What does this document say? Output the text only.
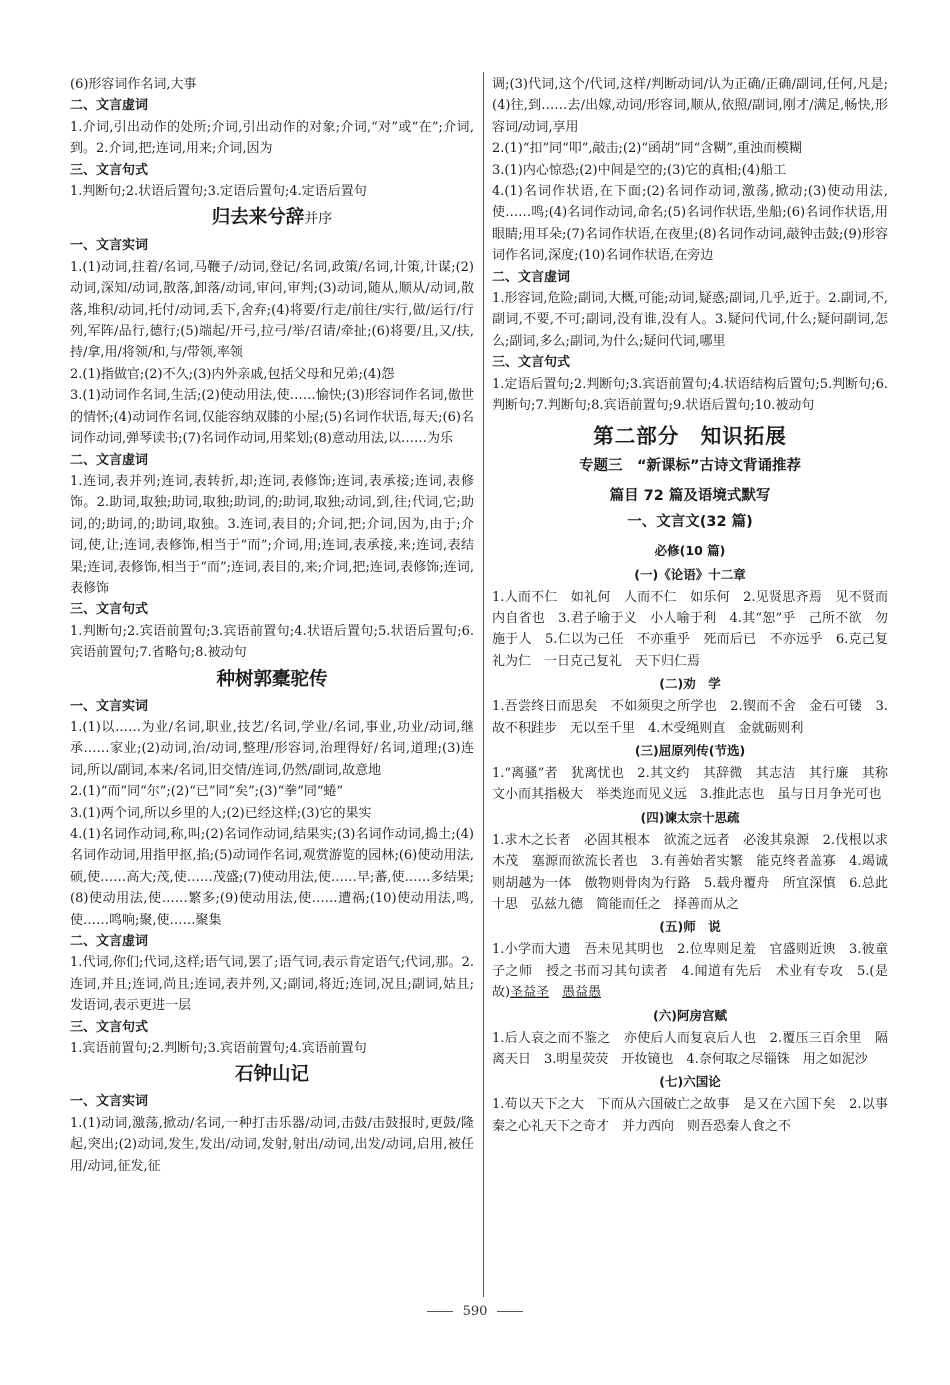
(6)形容词作名词,大事

二、文言虚词

1.介词,引出动作的处所;介词,引出动作的对象;介词,“对”或“在”;介词,到。2.介词,把;连词,用来;介词,因为

三、文言句式

1.判断句;2.状语后置句;3.定语后置句;4.定语后置句

归去来兮辞并序

一、文言实词

1.(1)动词,拄着/名词,马鞭子/动词,登记/名词,政策/名词,计策,计谋;(2)动词,深知/动词,散落,卸落/动词,审问,审判;(3)动词,随从,顺从/动词,散落,堆积/动词,托付/动词,丢下,舍弃;(4)将要/行走/前往/实行,做/运行/行列,军阵/品行,德行;(5)端起/开弓,拉弓/举/召请/牵扯;(6)将要/且,又/扶,持/拿,用/将领/和,与/带领,率领

2.(1)指做官;(2)不久;(3)内外亲戚,包括父母和兄弟;(4)怨

3.(1)动词作名词,生活;(2)使动用法,使……愉快;(3)形容词作名词,傲世的情怀;(4)动词作名词,仅能容纳双膝的小屋;(5)名词作状语,每天;(6)名词作动词,弹琴读书;(7)名词作动词,用桨划;(8)意动用法,以……为乐

二、文言虚词

1.连词,表并列;连词,表转折,却;连词,表修饰;连词,表承接;连词,表修饰。2.助词,取独;助词,取独;助词,的;助词,取独;动词,到,往;代词,它;助词,的;助词,的;助词,取独。3.连词,表目的;介词,把;介词,因为,由于;介词,使,让;连词,表修饰,相当于“而”;介词,用;连词,表承接,来;连词,表结果;连词,表修饰,相当于“而”;连词,表目的,来;介词,把;连词,表修饰;连词,表修饰

三、文言句式

1.判断句;2.宾语前置句;3.宾语前置句;4.状语后置句;5.状语后置句;6.宾语前置句;7.省略句;8.被动句

种树郭橐驼传

一、文言实词

1.(1)以……为业/名词,职业,技艺/名词,学业/名词,事业,功业/动词,继承……家业;(2)动词,治/动词,整理/形容词,治理得好/名词,道理;(3)连词,所以/副词,本来/名词,旧交情/连词,仍然/副词,故意地

2.(1)“而”同“尔”;(2)“已”同“矣”;(3)“拳”同“蜷”

3.(1)两个词,所以乡里的人;(2)已经这样;(3)它的果实

4.(1)名词作动词,称,叫;(2)名词作动词,结果实;(3)名词作动词,捣土;(4)名词作动词,用指甲抠,掐;(5)动词作名词,观赏游览的园林;(6)使动用法,硕,使……高大;茂,使……茂盛;(7)使动用法,使……早;蕃,使……多结果;(8)使动用法,使……繁多;(9)使动用法,使……遭祸;(10)使动用法,鸣,使……鸣响;聚,使……聚集

二、文言虚词

1.代词,你们;代词,这样;语气词,罢了;语气词,表示肯定语气;代词,那。2.连词,并且;连词,尚且;连词,表并列,又;副词,将近;连词,况且;副词,姑且;发语词,表示更进一层

三、文言句式

1.宾语前置句;2.判断句;3.宾语前置句;4.宾语前置句

石钟山记

一、文言实词

1.(1)动词,激荡,掀动/名词,一种打击乐器/动词,击鼓/击鼓报时,更鼓/隆起,突出;(2)动词,发生,发出/动词,发射,射出/动词,出发/动词,启用,被任用/动词,征发,征

调;(3)代词,这个/代词,这样/判断动词/认为正确/正确/副词,任何,凡是;(4)往,到……去/出嫁,动词/形容词,顺从,依照/副词,刚才/满足,畅快,形容词/动词,享用

2.(1)“扣”同“叩”,敲击;(2)“函胡”同“含糊”,重浊而模糊

3.(1)内心惊恐;(2)中间是空的;(3)它的真相;(4)船工

4.(1)名词作状语,在下面;(2)名词作动词,激荡,掀动;(3)使动用法,使……鸣;(4)名词作动词,命名;(5)名词作状语,坐船;(6)名词作状语,用眼睛;用耳朵;(7)名词作状语,在夜里;(8)名词作动词,敲钟击鼓;(9)形容词作名词,深度;(10)名词作状语,在旁边

二、文言虚词

1.形容词,危险;副词,大概,可能;动词,疑惑;副词,几乎,近于。2.副词,不,副词,不要,不可;副词,没有谁,没有人。3.疑问代词,什么;疑问副词,怎么;副词,多么;副词,为什么;疑问代词,哪里

三、文言句式

1.定语后置句;2.判断句;3.宾语前置句;4.状语结构后置句;5.判断句;6.判断句;7.判断句;8.宾语前置句;9.状语后置句;10.被动句

第二部分　知识拓展

专题三　“新课标”古诗文背诵推荐

篇目 72 篇及语境式默写

一、文言文(32 篇)

必修(10 篇)

(一)《论语》十二章

1.人而不仁　如礼何　人而不仁　如乐何　2.见贤思齐焉　见不贤而内自省也　3.君子喻于义　小人喻于利　4.其“恕”乎　己所不欲　勿施于人　5.仁以为己任　不亦重乎　死而后已　不亦远乎　6.克己复礼为仁　一日克己复礼　天下归仁焉

(二)劝　学

1.吾尝终日而思矣　不如须臾之所学也　2.锲而不舍　金石可镂　3.故不积跬步　无以至千里　4.木受绳则直　金就砺则利

(三)屈原列传(节选)

1.“离骚”者　犹离忧也　2.其文约　其辞微　其志洁　其行廉　其称文小而其指极大　举类迩而见义远　3.推此志也　虽与日月争光可也

(四)谏太宗十思疏

1.求木之长者　必固其根本　欲流之远者　必浚其泉源　2.伐根以求木茂　塞源而欲流长者也　3.有善始者实繁　能克终者盖寡　4.竭诚则胡越为一体　傲物则骨肉为行路　5.载舟覆舟　所宜深慎　6.总此十思　弘兹九德　简能而任之　择善而从之

(五)师　说

1.小学而大遗　吾未见其明也　2.位卑则足羞　官盛则近谀　3.彼童子之师　授之书而习其句读者　4.闻道有先后　术业有专攻　5.(是故)圣益圣　 愚益愚

(六)阿房宫赋

1.后人哀之而不鉴之　亦使后人而复哀后人也　2.覆压三百余里　隔离天日　3.明星荧荧　开妆镜也　4.奈何取之尽锱铢　用之如泥沙

(七)六国论

1.苟以天下之大　下而从六国破亡之故事　是又在六国下矣　2.以事秦之心礼天下之奇才　并力西向　则吾恐秦人食之不

590
